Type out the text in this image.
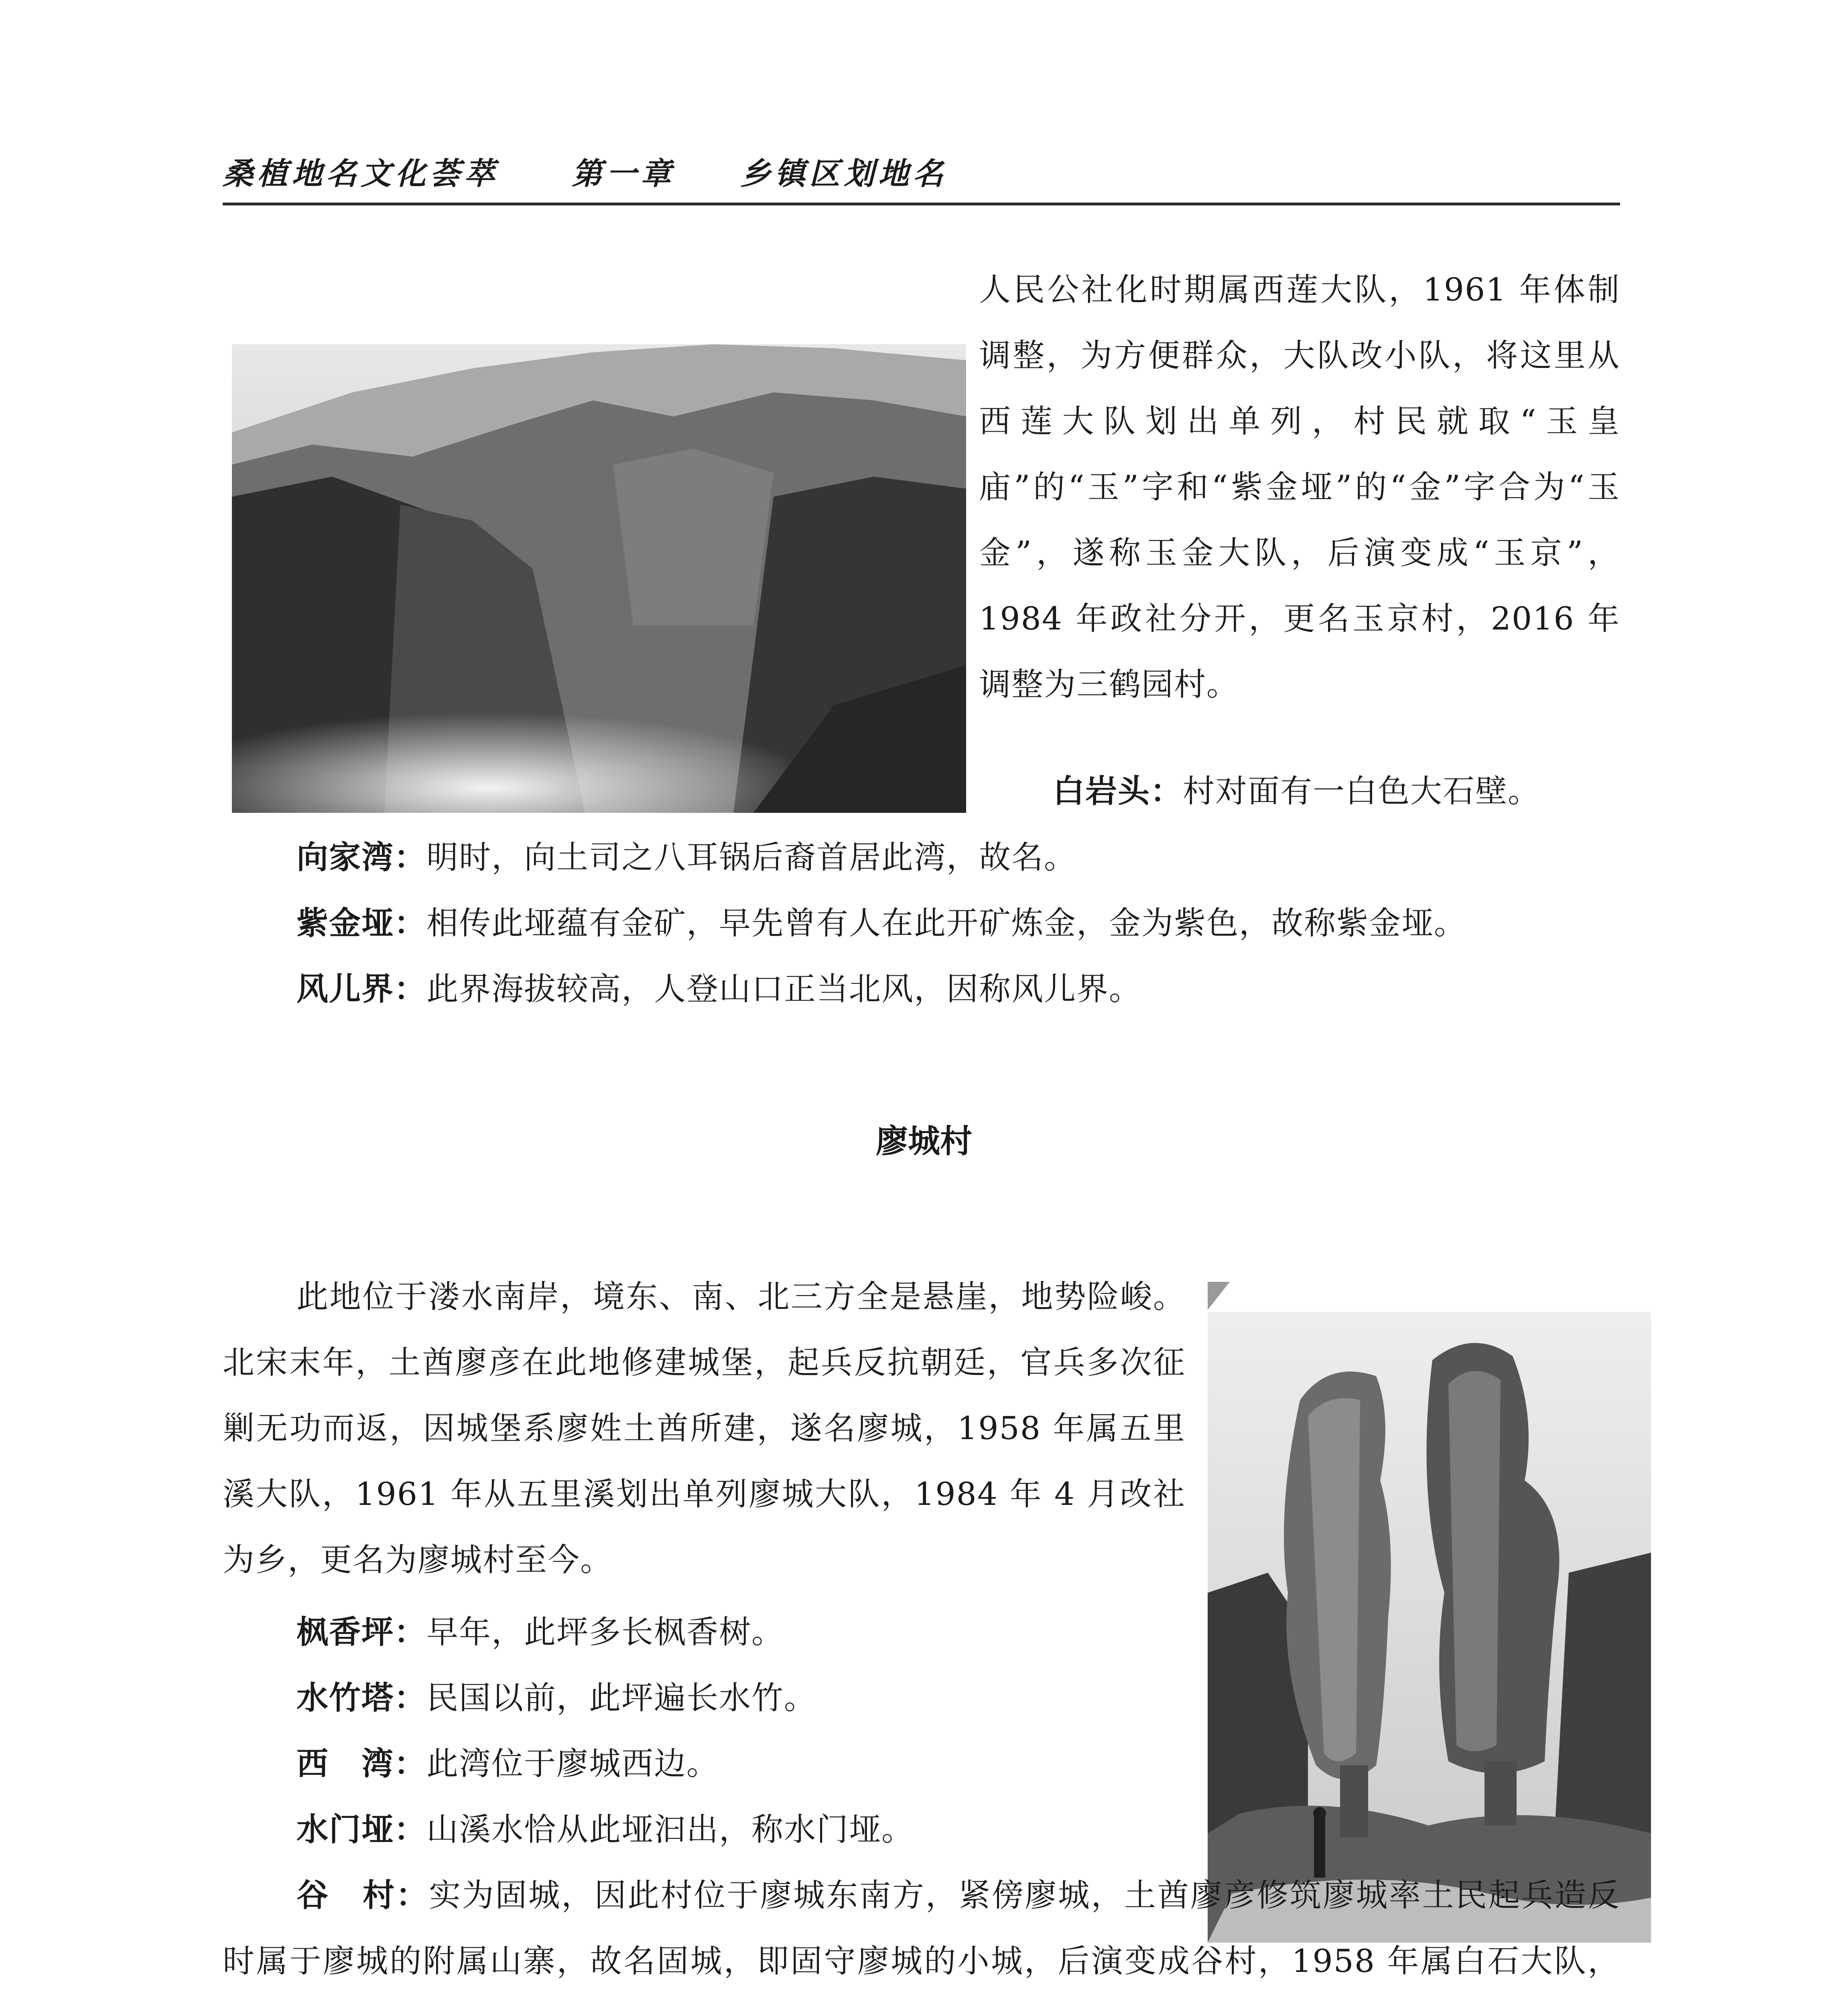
桑植地名文化荟萃 第一章 乡镇区划地名
人民公社化时期属西莲大队，1961 年体制调整，为方便群众，大队改小队，将这里从西莲大队划出单列，村民就取“玉皇庙”的“玉”字和“紫金垭”的“金”字合为“玉金”，遂称玉金大队，后演变成“玉京”，1984 年政社分开，更名玉京村，2016 年调整为三鹤园村。
白岩头：村对面有一白色大石壁。
向家湾：明时，向土司之八耳锅后裔首居此湾，故名。
紫金垭：相传此垭蕴有金矿，早先曾有人在此开矿炼金，金为紫色，故称紫金垭。
风儿界：此界海拔较高，人登山口正当北风，因称风儿界。
廖城村
此地位于溇水南岸，境东、南、北三方全是悬崖，地势险峻。北宋末年，土酋廖彦在此地修建城堡，起兵反抗朝廷，官兵多次征剿无功而返，因城堡系廖姓土酋所建，遂名廖城，1958 年属五里溪大队，1961 年从五里溪划出单列廖城大队，1984 年 4 月改社为乡，更名为廖城村至今。
枫香坪：早年，此坪多长枫香树。
水竹塔：民国以前，此坪遍长水竹。
西　湾：此湾位于廖城西边。
水门垭：山溪水恰从此垭汩出，称水门垭。
谷　村：实为固城，因此村位于廖城东南方，紧傍廖城，土酋廖彦修筑廖城率土民起兵造反时属于廖城的附属山寨，故名固城，即固守廖城的小城，后演变成谷村，1958 年属白石大队，
